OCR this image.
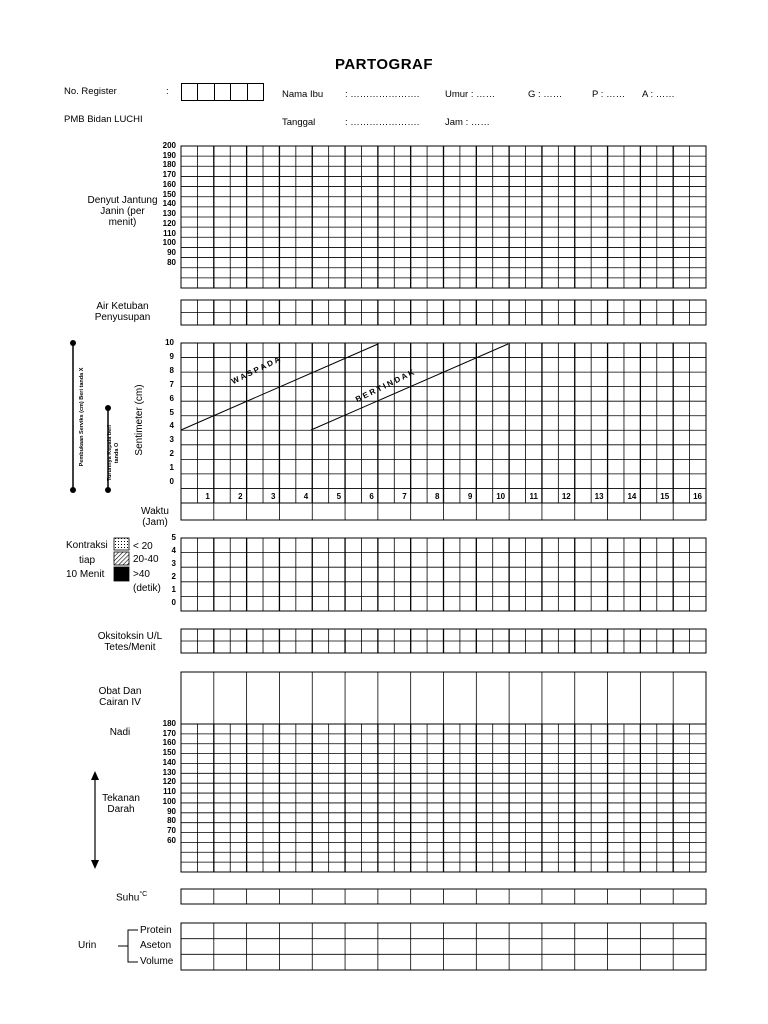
PARTOGRAF
No. Register	:
PMB Bidan LUCHI
Nama Ibu : ………………….
Tanggal	: ………………….
Umur : ……
Jam : ……
G : ……	P : …… A : ……
Denyut Jantung Janin (per menit)
Air Ketuban Penyusupan
Waktu (Jam)
Oksitoksin U/L Tetes/Menit
Obat Dan Cairan IV
Nadi
Tekanan Darah
Suhu$^{^\circ C}$
Kontraksi
tiap
10 Menit
< 20
20-40
>40
(detik)
Urin
Protein
Aseton
Volume
200
190
180
170
160
150
140
130
120
110
100
90
80
10
9
8
7
6
5
4
3
2
1
0
5
4
3
2
1
0
180
170
160
150
140
130
120
110
100
90
80
70
60
Sentimeter (cm)
Pembukaan Serviks (cm) Beri tanda X	Turunnya Kepala beri tanda O
1	2	3	4	5	6	7	8	9	10	11	12	13	14	15	16
W A S P A D A	B E R T I N D A K
